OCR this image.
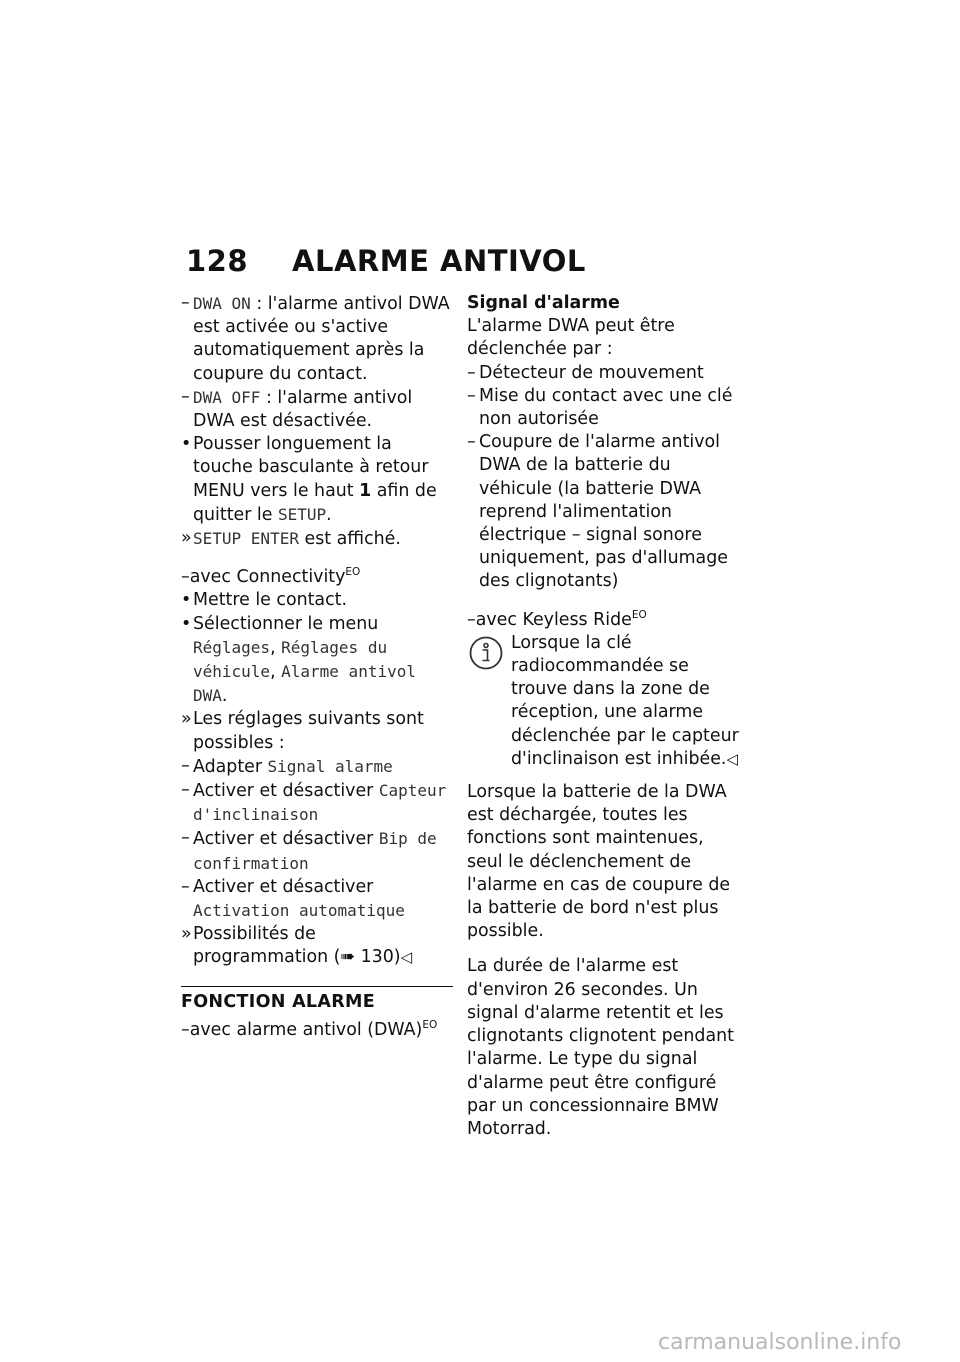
128 ALARME ANTIVOL
– DWA ON : l'alarme antivol DWA est activée ou s'active automatiquement après la coupure du contact.
– DWA OFF : l'alarme antivol DWA est désactivée.
• Pousser longuement la touche basculante à retour MENU vers le haut 1 afin de quitter le SETUP.
» SETUP ENTER est affiché.
–avec Connectivity$^{EO}$
• Mettre le contact.
• Sélectionner le menu Réglages, Réglages du véhicule, Alarme antivol DWA.
» Les réglages suivants sont possibles :
– Adapter Signal alarme
– Activer et désactiver Capteur d'inclinaison
– Activer et désactiver Bip de confirmation
– Activer et désactiver Activation automatique
» Possibilités de programmation (➠ 130)◁
FONCTION ALARME
–avec alarme antivol (DWA)$^{EO}$
Signal d'alarme
L'alarme DWA peut être déclenchée par :
– Détecteur de mouvement
– Mise du contact avec une clé non autorisée
– Coupure de l'alarme antivol DWA de la batterie du véhicule (la batterie DWA reprend l'alimentation électrique – signal sonore uniquement, pas d'allumage des clignotants)
–avec Keyless Ride$^{EO}$
Lorsque la clé radiocommandée se trouve dans la zone de réception, une alarme déclenchée par le capteur d'inclinaison est inhibée.◁

Lorsque la batterie de la DWA est déchargée, toutes les fonctions sont maintenues, seul le déclenchement de l'alarme en cas de coupure de la batterie de bord n'est plus possible.

La durée de l'alarme est d'environ 26 secondes. Un signal d'alarme retentit et les clignotants clignotent pendant l'alarme. Le type du signal d'alarme peut être configuré par un concessionnaire BMW Motorrad.

carmanualsonline.info
